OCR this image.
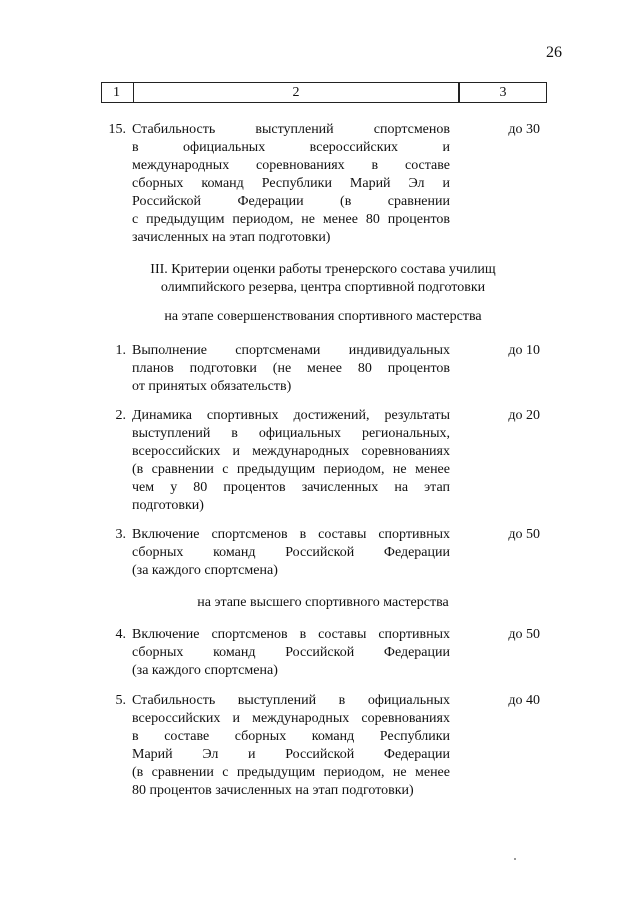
26
1	2	3
15. Стабильность выступлений спортсменов
в официальных всероссийских и
международных соревнованиях в составе
сборных команд Республики Марий Эл и
Российской Федерации (в сравнении
с предыдущим периодом, не менее 80 процентов
зачисленных на этап подготовки)
до 30
III. Критерии оценки работы тренерского состава училищ
олимпийского резерва, центра спортивной подготовки
на этапе совершенствования спортивного мастерства
1. Выполнение спортсменами индивидуальных
планов подготовки (не менее 80 процентов
от принятых обязательств)
до 10
2. Динамика спортивных достижений, результаты
выступлений в официальных региональных,
всероссийских и международных соревнованиях
(в сравнении с предыдущим периодом, не менее
чем у 80 процентов зачисленных на этап
подготовки)
до 20
3. Включение спортсменов в составы спортивных
сборных команд Российской Федерации
(за каждого спортсмена)
до 50
на этапе высшего спортивного мастерства
4. Включение спортсменов в составы спортивных
сборных команд Российской Федерации
(за каждого спортсмена)
до 50
5. Стабильность выступлений в официальных
всероссийских и международных соревнованиях
в составе сборных команд Республики
Марий Эл и Российской Федерации
(в сравнении с предыдущим периодом, не менее
80 процентов зачисленных на этап подготовки)
до 40
